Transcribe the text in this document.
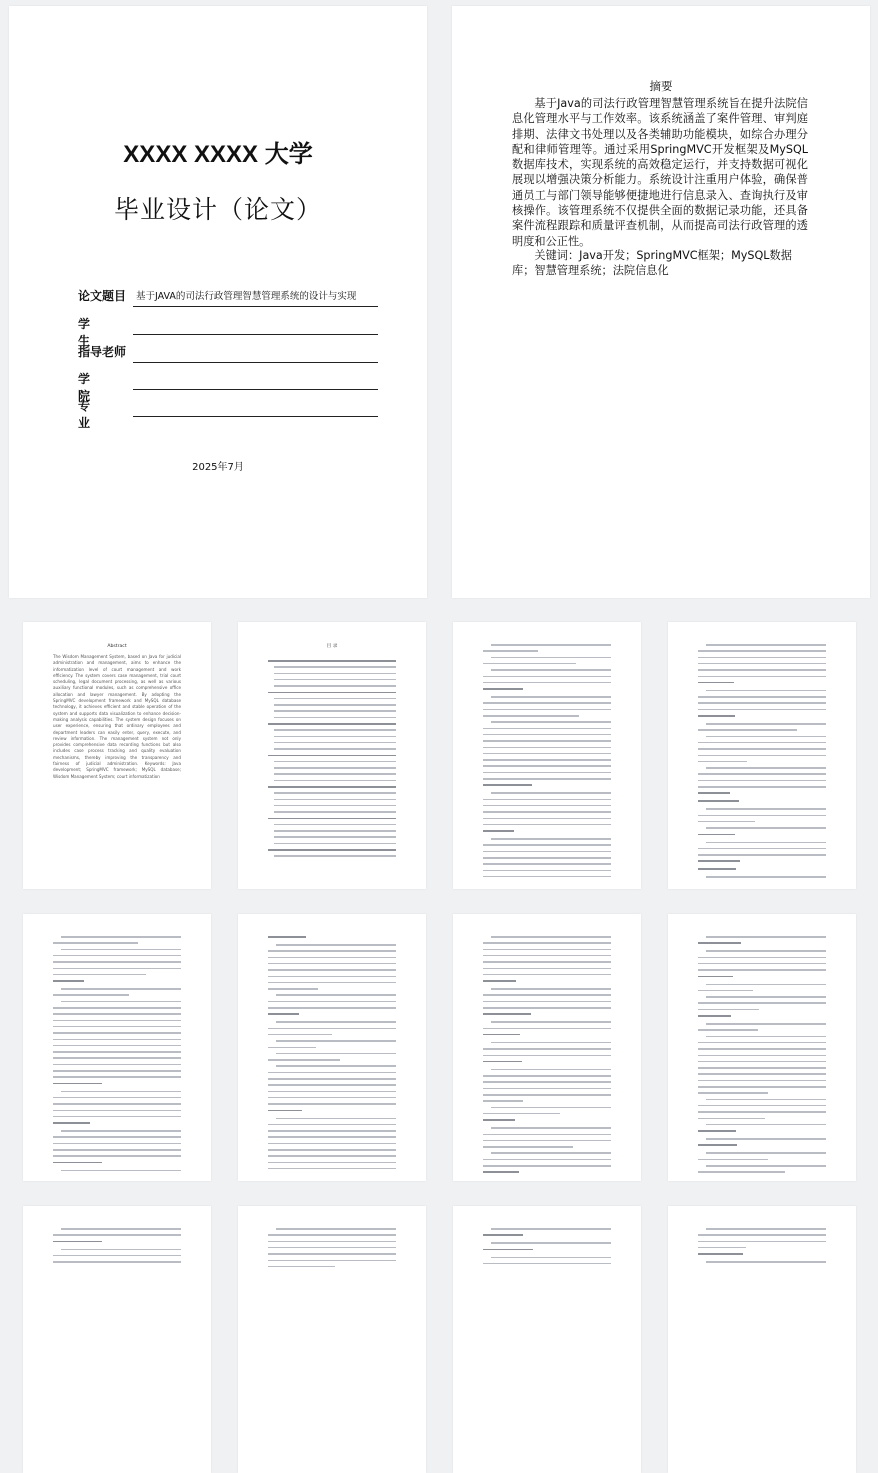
XXXX XXXX 大学
毕业设计（论文）
论文题目 基于JAVA的司法行政管理智慧管理系统的设计与实现
学生
指导老师
学院
专业
2025年7月
摘要

基于Java的司法行政管理智慧管理系统旨在提升法院信息化管理水平与工作效率。该系统涵盖了案件管理、审判庭排期、法律文书处理以及各类辅助功能模块，如综合办理分配和律师管理等。通过采用SpringMVC开发框架及MySQL数据库技术，实现系统的高效稳定运行，并支持数据可视化展现以增强决策分析能力。系统设计注重用户体验，确保普通员工与部门领导能够便捷地进行信息录入、查询执行及审核操作。该管理系统不仅提供全面的数据记录功能，还具备案件流程跟踪和质量评查机制，从而提高司法行政管理的透明度和公正性。

关键词：Java开发；SpringMVC框架；MySQL数据库；智慧管理系统；法院信息化

Abstract

The Wisdom Management System, based on Java for judicial administration and management, aims to enhance the informatization level of court management and work efficiency. The system covers case management, trial court scheduling, legal document processing, as well as various auxiliary functional modules, such as comprehensive office allocation and lawyer management. By adopting the SpringMVC development framework and MySQL database technology, it achieves efficient and stable operation of the system and supports data visualization to enhance decision-making analysis capabilities. The system design focuses on user experience, ensuring that ordinary employees and department leaders can easily enter, query, execute, and review information. The management system not only provides comprehensive data recording functions but also includes case process tracking and quality evaluation mechanisms, thereby improving the transparency and fairness of judicial administration. Keywords: Java development; SpringMVC framework; MySQL database; Wisdom Management System; court informatization

目 录
